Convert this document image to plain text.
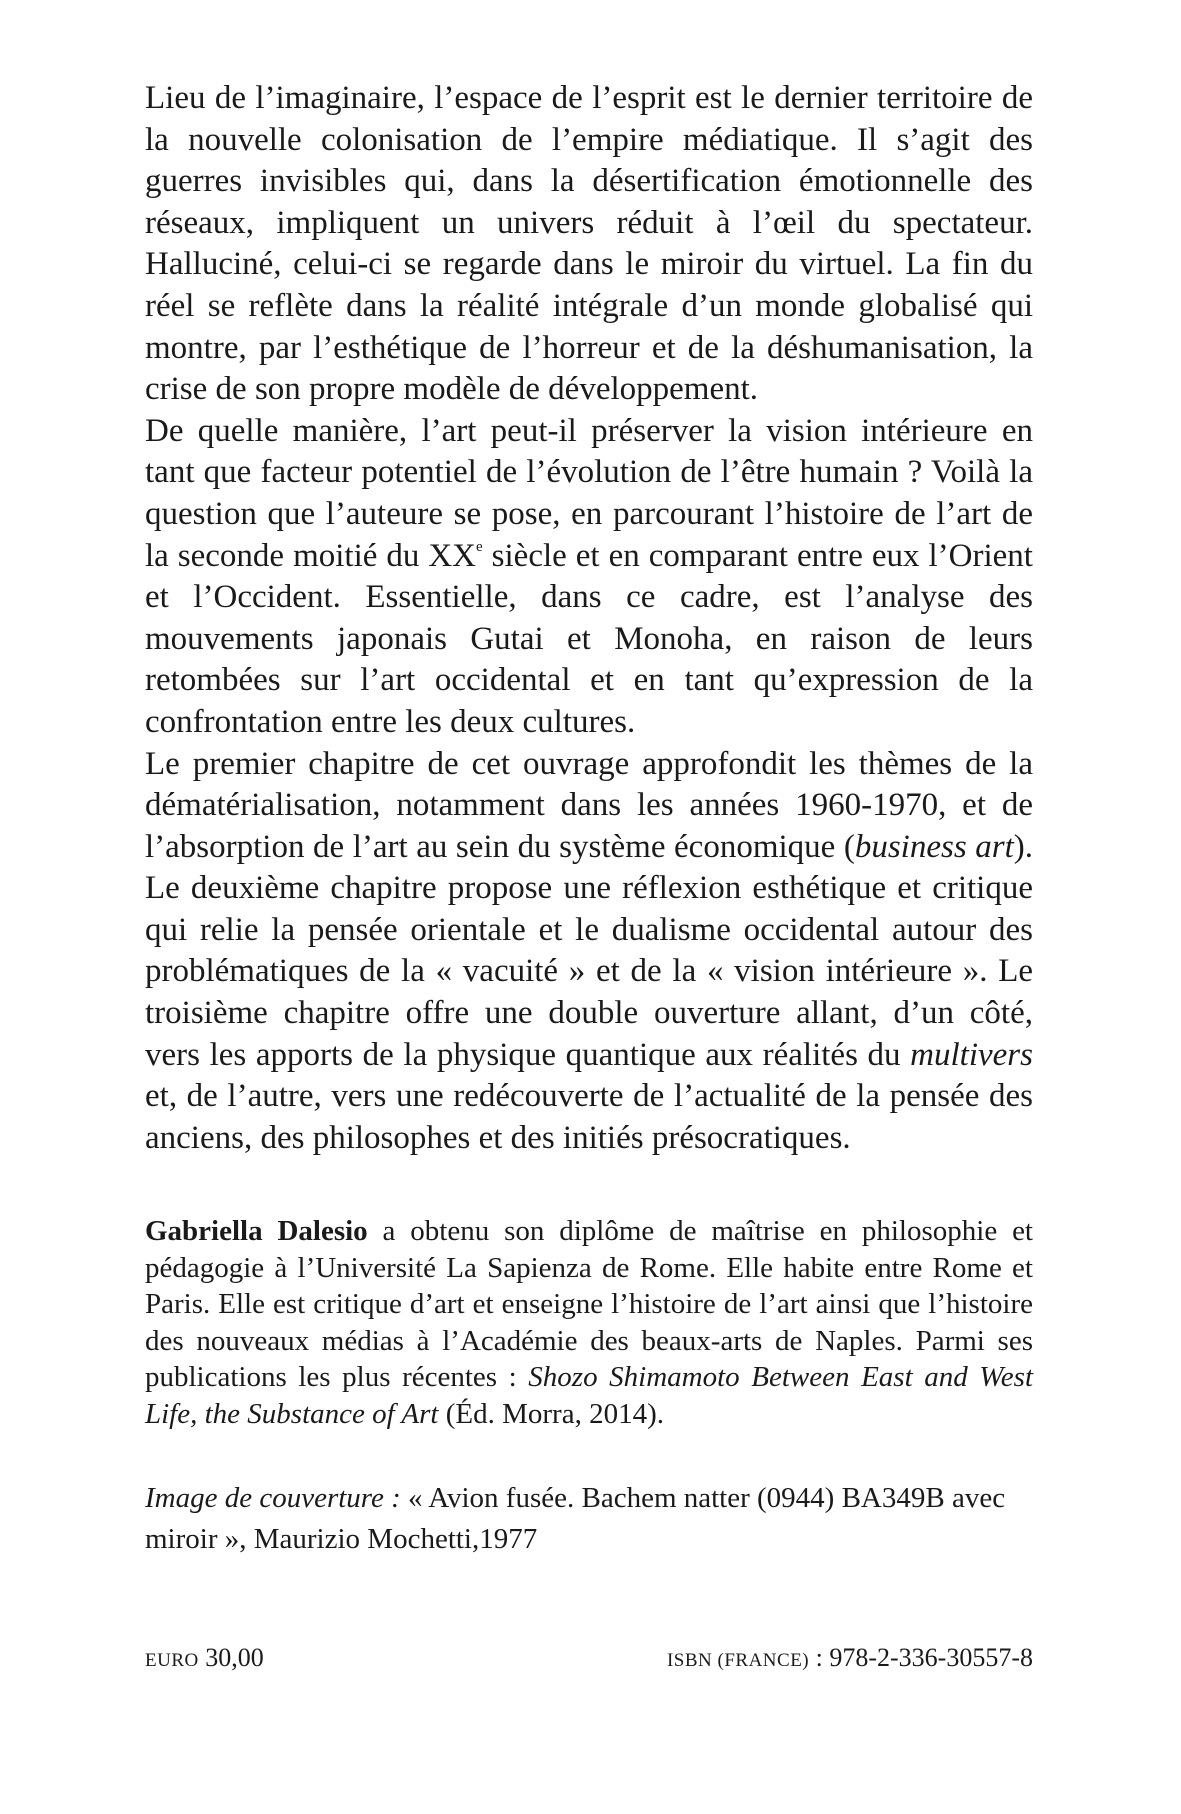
Lieu de l’imaginaire, l’espace de l’esprit est le dernier territoire de la nouvelle colonisation de l’empire médiatique. Il s’agit des guerres invisibles qui, dans la désertification émotionnelle des réseaux, impliquent un univers réduit à l’œil du spectateur. Halluciné, celui-ci se regarde dans le miroir du virtuel. La fin du réel se reflète dans la réalité intégrale d’un monde globalisé qui montre, par l’esthétique de l’horreur et de la déshumanisation, la crise de son propre modèle de développement.

De quelle manière, l’art peut-il préserver la vision intérieure en tant que facteur potentiel de l’évolution de l’être humain ? Voilà la question que l’auteure se pose, en parcourant l’histoire de l’art de la seconde moitié du XXe siècle et en comparant entre eux l’Orient et l’Occident. Essentielle, dans ce cadre, est l’analyse des mouvements japonais Gutai et Monoha, en raison de leurs retombées sur l’art occidental et en tant qu’expression de la confrontation entre les deux cultures.

Le premier chapitre de cet ouvrage approfondit les thèmes de la dématérialisation, notamment dans les années 1960-1970, et de l’absorption de l’art au sein du système économique (business art). Le deuxième chapitre propose une réflexion esthétique et critique qui relie la pensée orientale et le dualisme occidental autour des problématiques de la « vacuité » et de la « vision intérieure ». Le troisième chapitre offre une double ouverture allant, d’un côté, vers les apports de la physique quantique aux réalités du multivers et, de l’autre, vers une redécouverte de l’actualité de la pensée des anciens, des philosophes et des initiés présocratiques.

Gabriella Dalesio a obtenu son diplôme de maîtrise en philosophie et pédagogie à l’Université La Sapienza de Rome. Elle habite entre Rome et Paris. Elle est critique d’art et enseigne l’histoire de l’art ainsi que l’histoire des nouveaux médias à l’Académie des beaux-arts de Naples. Parmi ses publications les plus récentes : Shozo Shimamoto Between East and West Life, the Substance of Art (Éd. Morra, 2014).

Image de couverture : « Avion fusée. Bachem natter (0944) BA349B avec miroir », Maurizio Mochetti,1977

EURO 30,00	ISBN (FRANCE) : 978-2-336-30557-8
